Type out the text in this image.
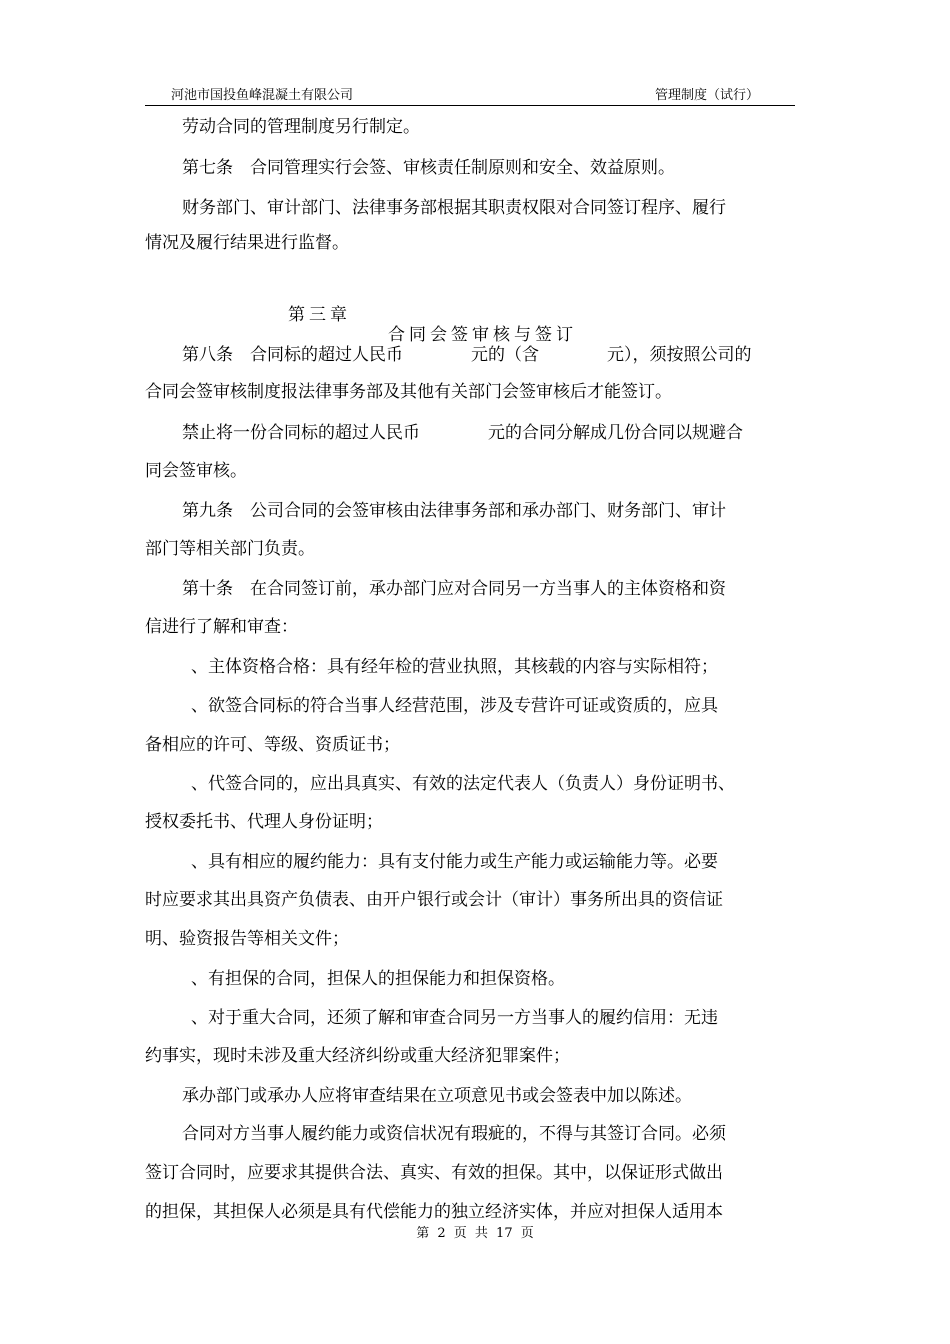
河池市国投鱼峰混凝土有限公司	管理制度（试行）
劳动合同的管理制度另行制定。
第七条　合同管理实行会签、审核责任制原则和安全、效益原则。
财务部门、审计部门、法律事务部根据其职责权限对合同签订程序、履行
情况及履行结果进行监督。

第三章

合同会签审核与签订

第八条　合同标的超过人民币　　　　元的（含　　　　元），须按照公司的
合同会签审核制度报法律事务部及其他有关部门会签审核后才能签订。
禁止将一份合同标的超过人民币　　　　元的合同分解成几份合同以规避合
同会签审核。
第九条　公司合同的会签审核由法律事务部和承办部门、财务部门、审计
部门等相关部门负责。
第十条　在合同签订前，承办部门应对合同另一方当事人的主体资格和资
信进行了解和审查：
、主体资格合格：具有经年检的营业执照，其核载的内容与实际相符；
、欲签合同标的符合当事人经营范围，涉及专营许可证或资质的，应具
备相应的许可、等级、资质证书；
、代签合同的，应出具真实、有效的法定代表人（负责人）身份证明书、
授权委托书、代理人身份证明；
、具有相应的履约能力：具有支付能力或生产能力或运输能力等。必要
时应要求其出具资产负债表、由开户银行或会计（审计）事务所出具的资信证
明、验资报告等相关文件；
、有担保的合同，担保人的担保能力和担保资格。
、对于重大合同，还须了解和审查合同另一方当事人的履约信用：无违
约事实，现时未涉及重大经济纠纷或重大经济犯罪案件；
承办部门或承办人应将审查结果在立项意见书或会签表中加以陈述。
合同对方当事人履约能力或资信状况有瑕疵的，不得与其签订合同。必须
签订合同时，应要求其提供合法、真实、有效的担保。其中，以保证形式做出
的担保，其担保人必须是具有代偿能力的独立经济实体，并应对担保人适用本
第 2 页 共 17 页
